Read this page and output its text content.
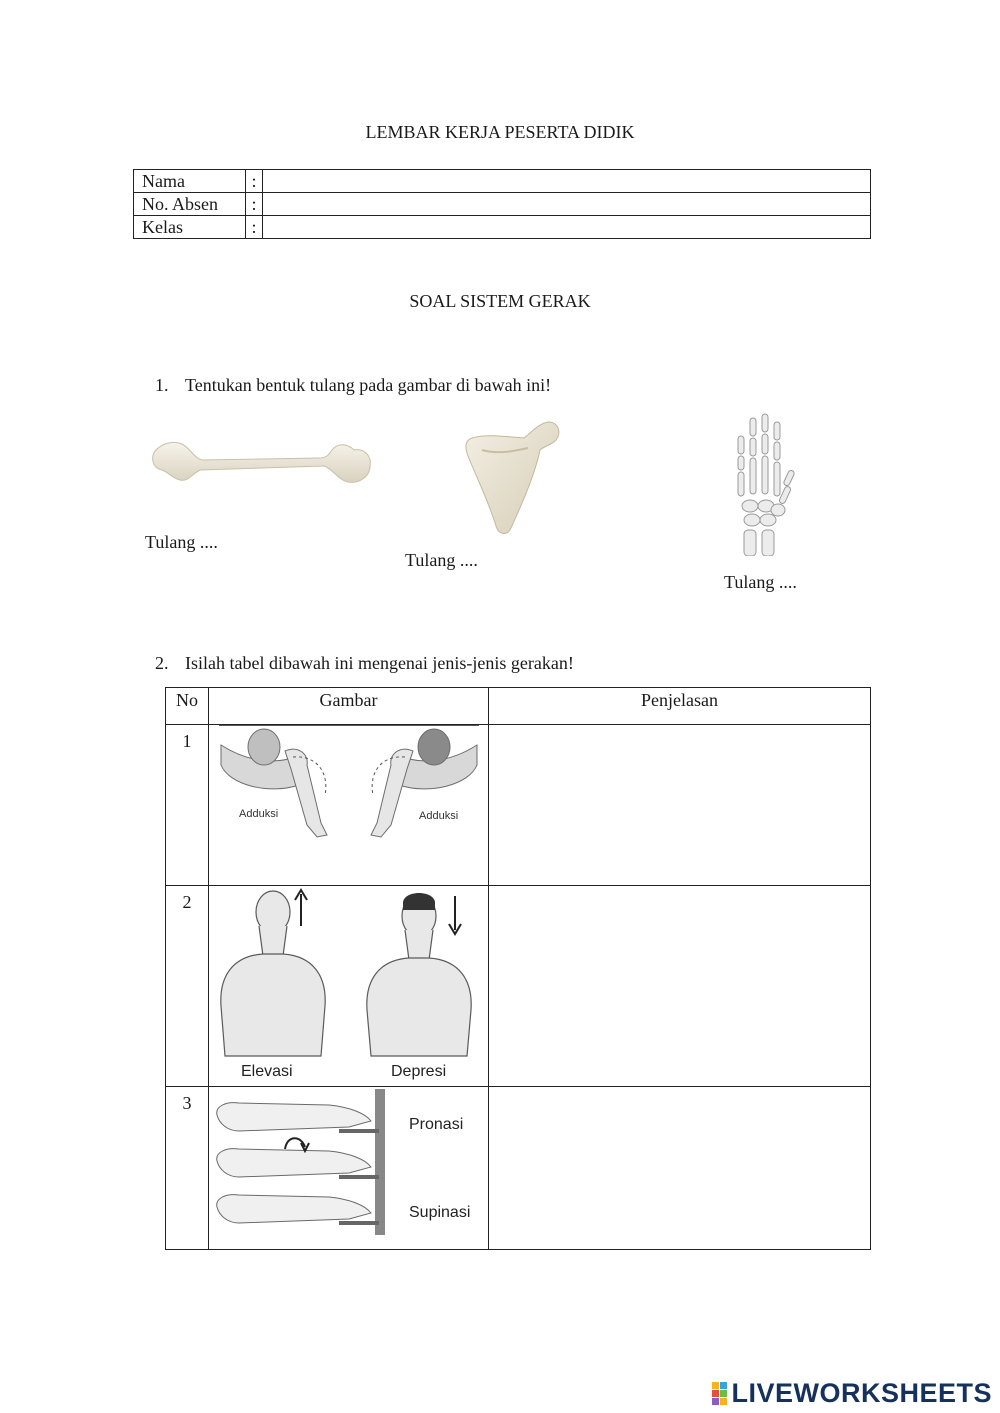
LEMBAR KERJA PESERTA DIDIK
Nama	:	
No. Absen	:	
Kelas	:	
SOAL SISTEM GERAK
1. Tentukan bentuk tulang pada gambar di bawah ini!
Tulang ....
Tulang ....
Tulang ....
2. Isilah tabel dibawah ini mengenai jenis-jenis gerakan!
No	Gambar	Penjelasan
1	Adduksi Adduksi	

2	Elevasi Depresi	

3	Pronasi
Supinasi	

LIVEWORKSHEETS
